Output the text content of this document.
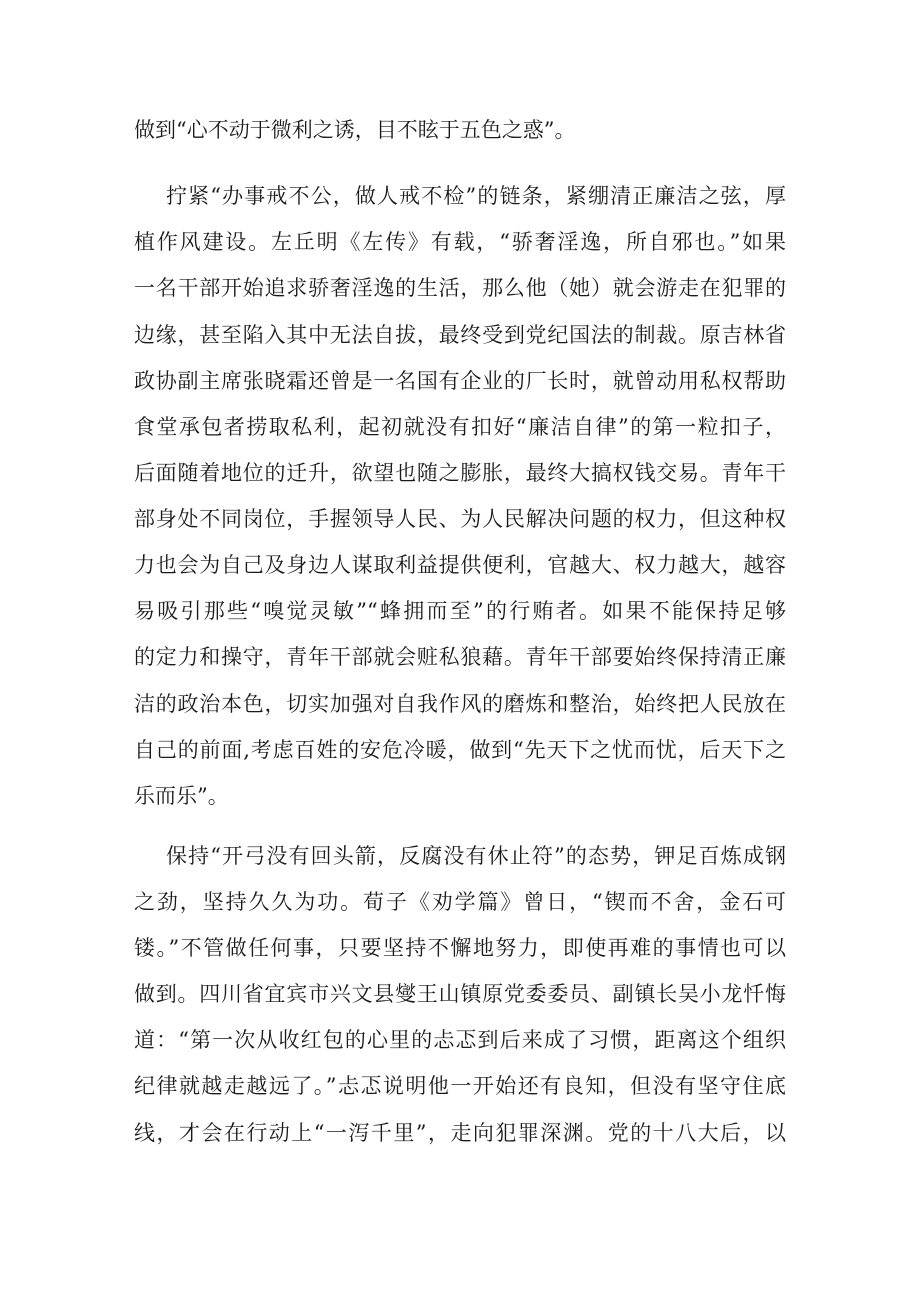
做到“心不动于微利之诱，目不眩于五色之惑”。
拧紧“办事戒不公，做人戒不检”的链条，紧绷清正廉洁之弦，厚
植作风建设。左丘明《左传》有载，“骄奢淫逸，所自邪也。”如果
一名干部开始追求骄奢淫逸的生活，那么他（她）就会游走在犯罪的
边缘，甚至陷入其中无法自拔，最终受到党纪国法的制裁。原吉林省
政协副主席张晓霜还曾是一名国有企业的厂长时，就曾动用私权帮助
食堂承包者捞取私利，起初就没有扣好“廉洁自律”的第一粒扣子，
后面随着地位的迁升，欲望也随之膨胀，最终大搞权钱交易。青年干
部身处不同岗位，手握领导人民、为人民解决问题的权力，但这种权
力也会为自己及身边人谋取利益提供便利，官越大、权力越大，越容
易吸引那些“嗅觉灵敏”“蜂拥而至”的行贿者。如果不能保持足够
的定力和操守，青年干部就会赃私狼藉。青年干部要始终保持清正廉
洁的政治本色，切实加强对自我作风的磨炼和整治，始终把人民放在
自己的前面,考虑百姓的安危冷暖，做到“先天下之忧而忧，后天下之
乐而乐”。
保持“开弓没有回头箭，反腐没有休止符”的态势，钾足百炼成钢
之劲，坚持久久为功。荀子《劝学篇》曾日，“锲而不舍，金石可
镂。”不管做任何事，只要坚持不懈地努力，即使再难的事情也可以
做到。四川省宜宾市兴文县燮王山镇原党委委员、副镇长吴小龙忏悔
道：“第一次从收红包的心里的忐忑到后来成了习惯，距离这个组织
纪律就越走越远了。”忐忑说明他一开始还有良知，但没有坚守住底
线，才会在行动上“一泻千里”，走向犯罪深渊。党的十八大后，以
